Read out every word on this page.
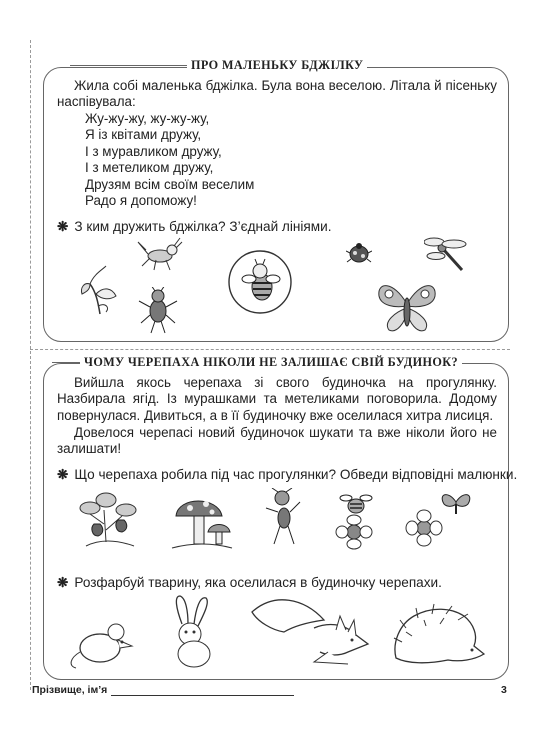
ПРО МАЛЕНЬКУ БДЖІЛКУ
Жила собі маленька бджілка. Була вона веселою. Літала й пісеньку наспівувала:
Жу-жу-жу, жу-жу-жу,
Я із квітами дружу,
І з муравликом дружу,
І з метеликом дружу,
Друзям всім своїм веселим
Радо я допоможу!
❋ З ким дружить бджілка? З’єднай лініями.
ЧОМУ ЧЕРЕПАХА НІКОЛИ НЕ ЗАЛИШАЄ СВІЙ БУДИНОК?
Вийшла якось черепаха зі свого будиночка на прогулянку. Назбирала ягід. Із мурашками та метеликами поговорила. Додому повернулася. Дивиться, а в її будиночку вже оселилася хитра лисиця.
Довелося черепасі новий будиночок шукати та вже ніколи його не залишати!
❋ Що черепаха робила під час прогулянки? Обведи відповідні малюнки.
❋ Розфарбуй тварину, яка оселилася в будиночку черепахи.
Прізвище, ім’я	3
